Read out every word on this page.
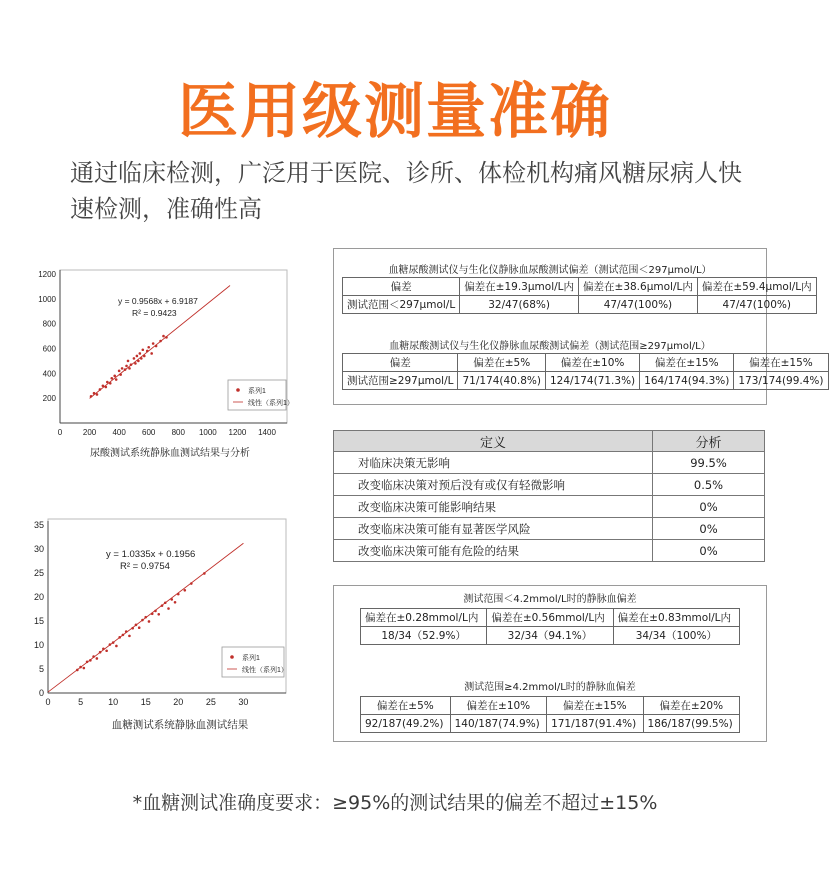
医用级测量准确
通过临床检测，广泛用于医院、诊所、体检机构痛风糖尿病人快速检测，准确性高
0	200 400 600 800 1000 1200 1400
200
400
600
800
1000
1200
y = 0.9568x + 6.9187
R² = 0.9423
系列1
线性（系列1）
尿酸测试系统静脉血测试结果与分析
0	5	10	15	20	25	30
0
5
10
15
20
25
30
35
y = 1.0335x + 0.1956
R² = 0.9754
系列1
线性（系列1）
血糖测试系统静脉血测试结果
血糖尿酸测试仪与生化仪静脉血尿酸测试偏差（测试范围＜297μmol/L）
偏差	偏差在±19.3μmol/L内	偏差在±38.6μmol/L内	偏差在±59.4μmol/L内
测试范围＜297μmol/L	32/47(68%)	47/47(100%)	47/47(100%)
血糖尿酸测试仪与生化仪静脉血尿酸测试偏差（测试范围≥297μmol/L）
偏差	偏差在±5%	偏差在±10%	偏差在±15%	偏差在±15%
测试范围≥297μmol/L	71/174(40.8%)	124/174(71.3%)	164/174(94.3%)	173/174(99.4%)
定义	分析
对临床决策无影响	99.5%
改变临床决策对预后没有或仅有轻微影响	0.5%
改变临床决策可能影响结果	0%
改变临床决策可能有显著医学风险	0%
改变临床决策可能有危险的结果	0%
测试范围＜4.2mmol/L时的静脉血偏差
偏差在±0.28mmol/L内	偏差在±0.56mmol/L内	偏差在±0.83mmol/L内
18/34（52.9%）	32/34（94.1%）	34/34（100%）
测试范围≥4.2mmol/L时的静脉血偏差
偏差在±5%	偏差在±10%	偏差在±15%	偏差在±20%
92/187(49.2%)	140/187(74.9%)	171/187(91.4%)	186/187(99.5%)
*血糖测试准确度要求：≥95%的测试结果的偏差不超过±15%
